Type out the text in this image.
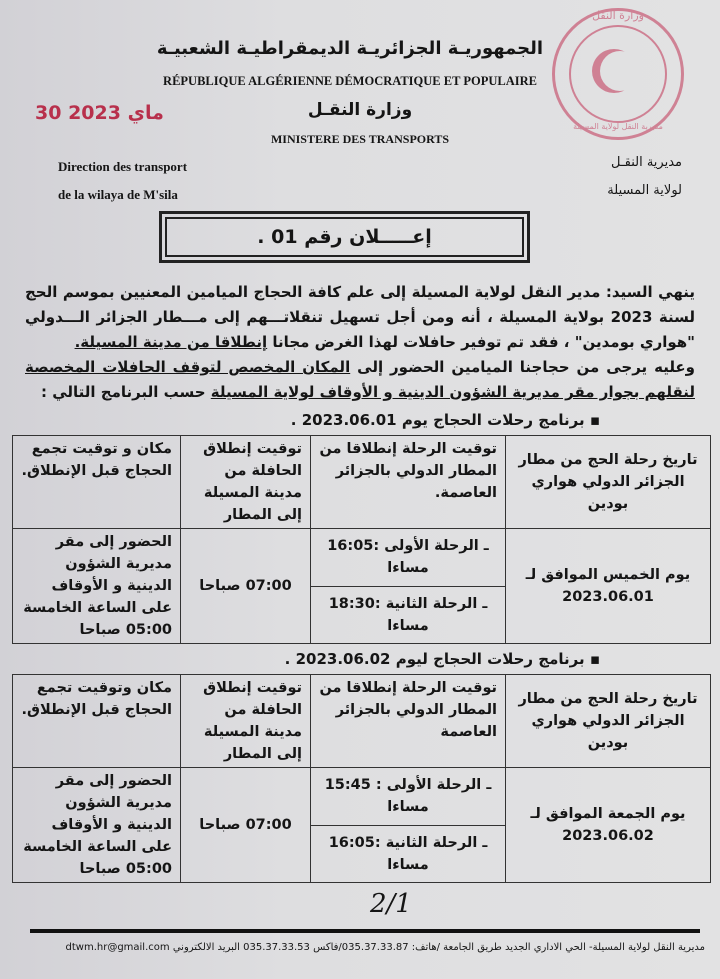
وزارة النقل
مديرية النقل لولاية المسيلة
الجمهوريـة الجزائريـة الديمقراطيـة الشعبيـة
RÉPUBLIQUE ALGÉRIENNE DÉMOCRATIQUE ET POPULAIRE
30 ماي 2023	وزارة النقـل
MINISTERE DES TRANSPORTS
Direction des transport
de la wilaya de M'sila
مديرية النقـل
لولاية المسيلة
إعـــــلان رقم 01 .
ينهي السيد: مدير النقل لولاية المسيلة إلى علم كافة الحجاج الميامين المعنيين بموسم الحج لسنة 2023 بولاية المسيلة ، أنه ومن أجل تسهيل تنقلاتـــهم إلى مـــطار الجزائر الـــدولي "هواري بومدين" ، فقد تم توفير حافلات لهذا الغرض مجانا إنطلاقا من مدينة المسيلة.
وعليه يرجى من حجاجنا الميامين الحضور إلى المكان المخصص لتوقف الحافلات المخصصة لنقلهم بجوار مقر مديرية الشؤون الدينية و الأوقاف لولاية المسيلة حسب البرنامج التالي :
▪ برنامج رحلات الحجاج يوم 2023.06.01 .
تاريخ رحلة الحج من مطار الجزائر الدولي هواري بودين	توقيت الرحلة إنطلاقا من المطار الدولي بالجزائر العاصمة.	توقيت إنطلاق الحافلة من مدينة المسيلة إلى المطار	مكان و توقيت تجمع الحجاج قبل الإنطلاق.
يوم الخميس الموافق لـ 2023.06.01	ـ الرحلة الأولى :16:05 مساءا	07:00 صباحا	الحضور إلى مقر مديرية الشؤون الدينية و الأوقاف على الساعة الخامسة 05:00 صباحا
	ـ الرحلة الثانية :18:30 مساءا		
▪ برنامج رحلات الحجاج ليوم 2023.06.02 .
تاريخ رحلة الحج من مطار الجزائر الدولي هواري بودين	توقيت الرحلة إنطلاقا من المطار الدولي بالجزائر العاصمة	توقيت إنطلاق الحافلة من مدينة المسيلة إلى المطار	مكان وتوقيت تجمع الحجاج قبل الإنطلاق.
يوم الجمعة الموافق لـ 2023.06.02	ـ الرحلة الأولى : 15:45 مساءا	07:00 صباحا	الحضور إلى مقر مديرية الشؤون الدينية و الأوقاف على الساعة الخامسة 05:00 صباحا
	ـ الرحلة الثانية :16:05 مساءا		
2/1
مديرية النقل لولاية المسيلة- الحي الاداري الجديد طريق الجامعة /هاتف: 035.37.33.87/فاكس 035.37.33.53 البريد الالكتروني dtwm.hr@gmail.com
